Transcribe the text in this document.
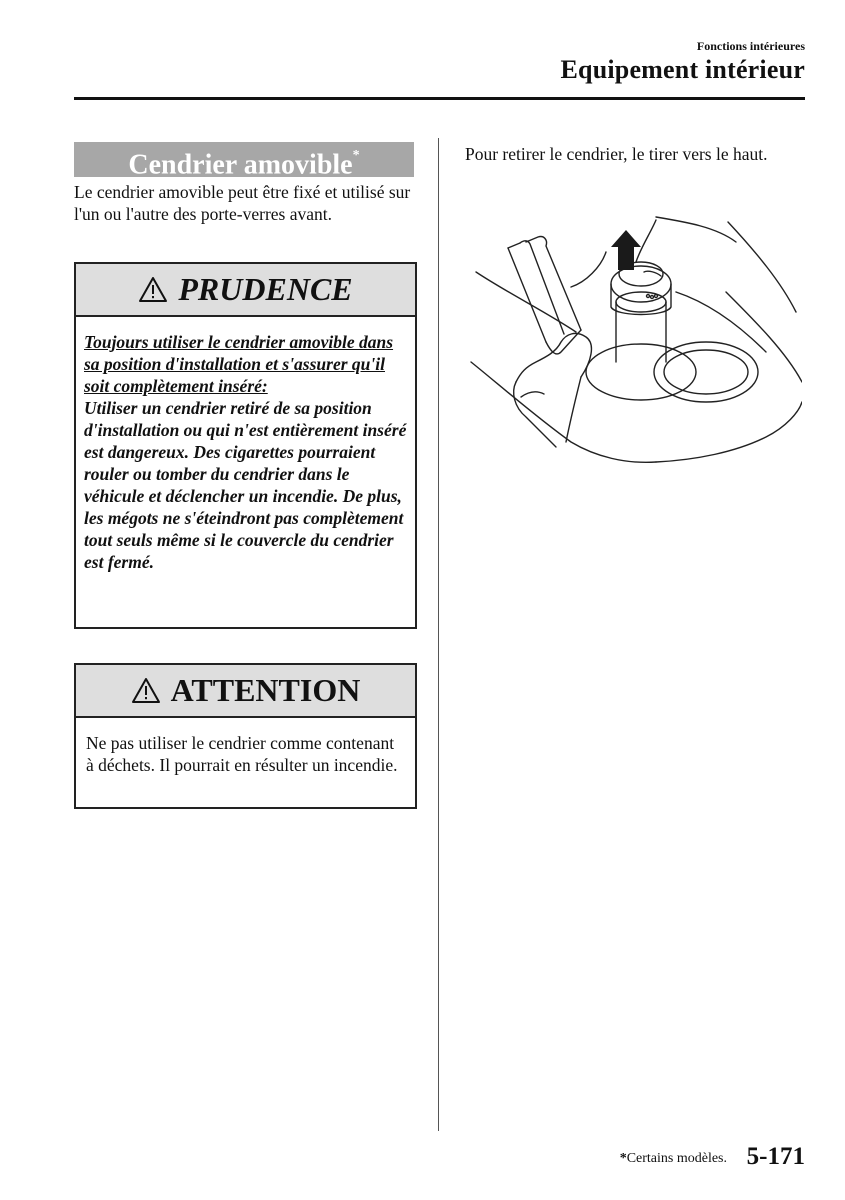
Fonctions intérieures
Equipement intérieur
Cendrier amovible*
Le cendrier amovible peut être fixé et utilisé sur l'un ou l'autre des porte-verres avant.
PRUDENCE
Toujours utiliser le cendrier amovible dans sa position d'installation et s'assurer qu'il soit complètement inséré:
Utiliser un cendrier retiré de sa position d'installation ou qui n'est entièrement inséré est dangereux. Des cigarettes pourraient rouler ou tomber du cendrier dans le véhicule et déclencher un incendie. De plus, les mégots ne s'éteindront pas complètement tout seuls même si le couvercle du cendrier est fermé.
ATTENTION
Ne pas utiliser le cendrier comme contenant à déchets. Il pourrait en résulter un incendie.
Pour retirer le cendrier, le tirer vers le haut.
*Certains modèles. 5-171
